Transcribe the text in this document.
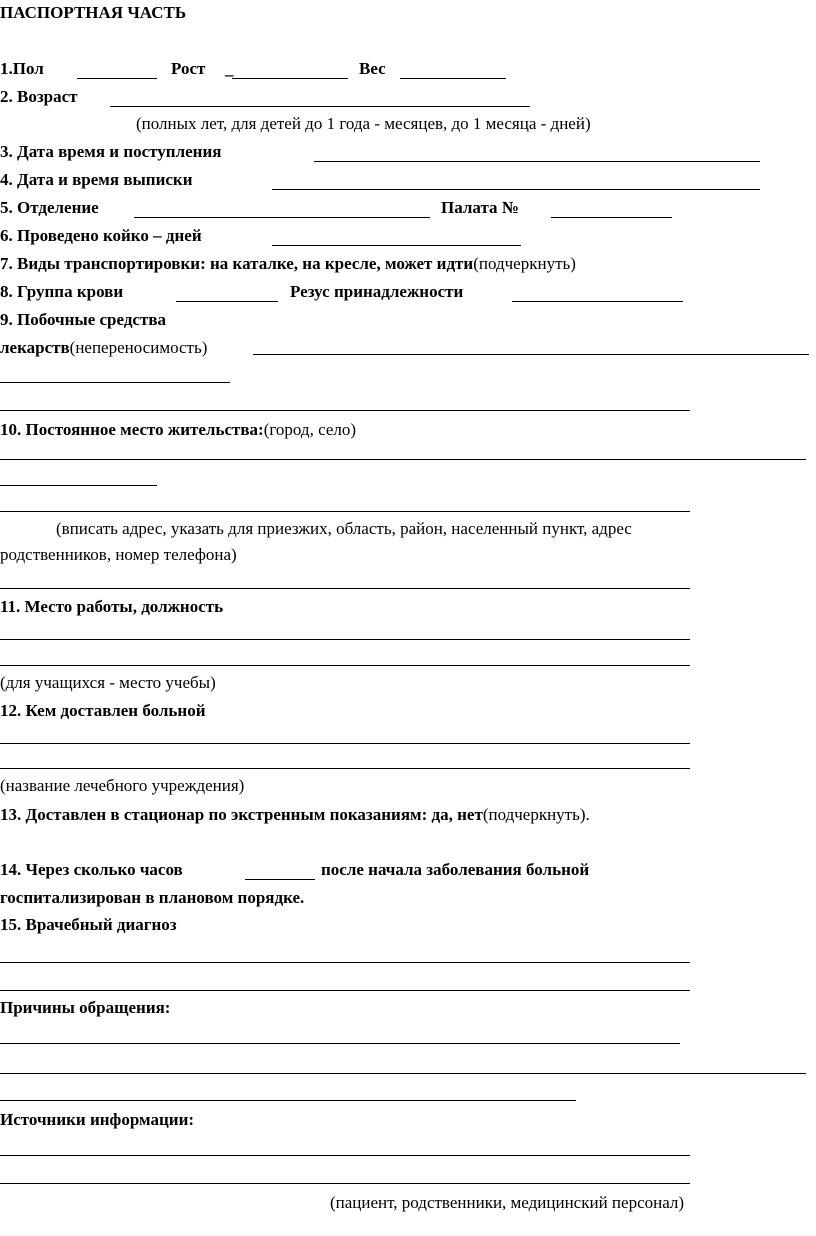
ПАСПОРТНАЯ ЧАСТЬ
1.Пол	Рост _	Вес
2. Возраст
(полных лет, для детей до 1 года - месяцев, до 1 месяца - дней)
3. Дата время и поступления
4. Дата и время выписки
5. Отделение	Палата №
6. Проведено койко – дней
7. Виды транспортировки: на каталке, на кресле, может идти(подчеркнуть)
8. Группа крови	Резус принадлежности
9. Побочные средства
лекарств(непереносимость)
10. Постоянное место жительства:(город, село)
(вписать адрес, указать для приезжих, область, район, населенный пункт, адрес
родственников, номер телефона)
11. Место работы, должность
(для учащихся - место учебы)
12. Кем доставлен больной
(название лечебного учреждения)
13. Доставлен в стационар по экстренным показаниям: да, нет(подчеркнуть).
14. Через сколько часов	после начала заболевания больной
госпитализирован в плановом порядке.
15. Врачебный диагноз
Причины обращения:
Источники информации:
(пациент, родственники, медицинский персонал)
